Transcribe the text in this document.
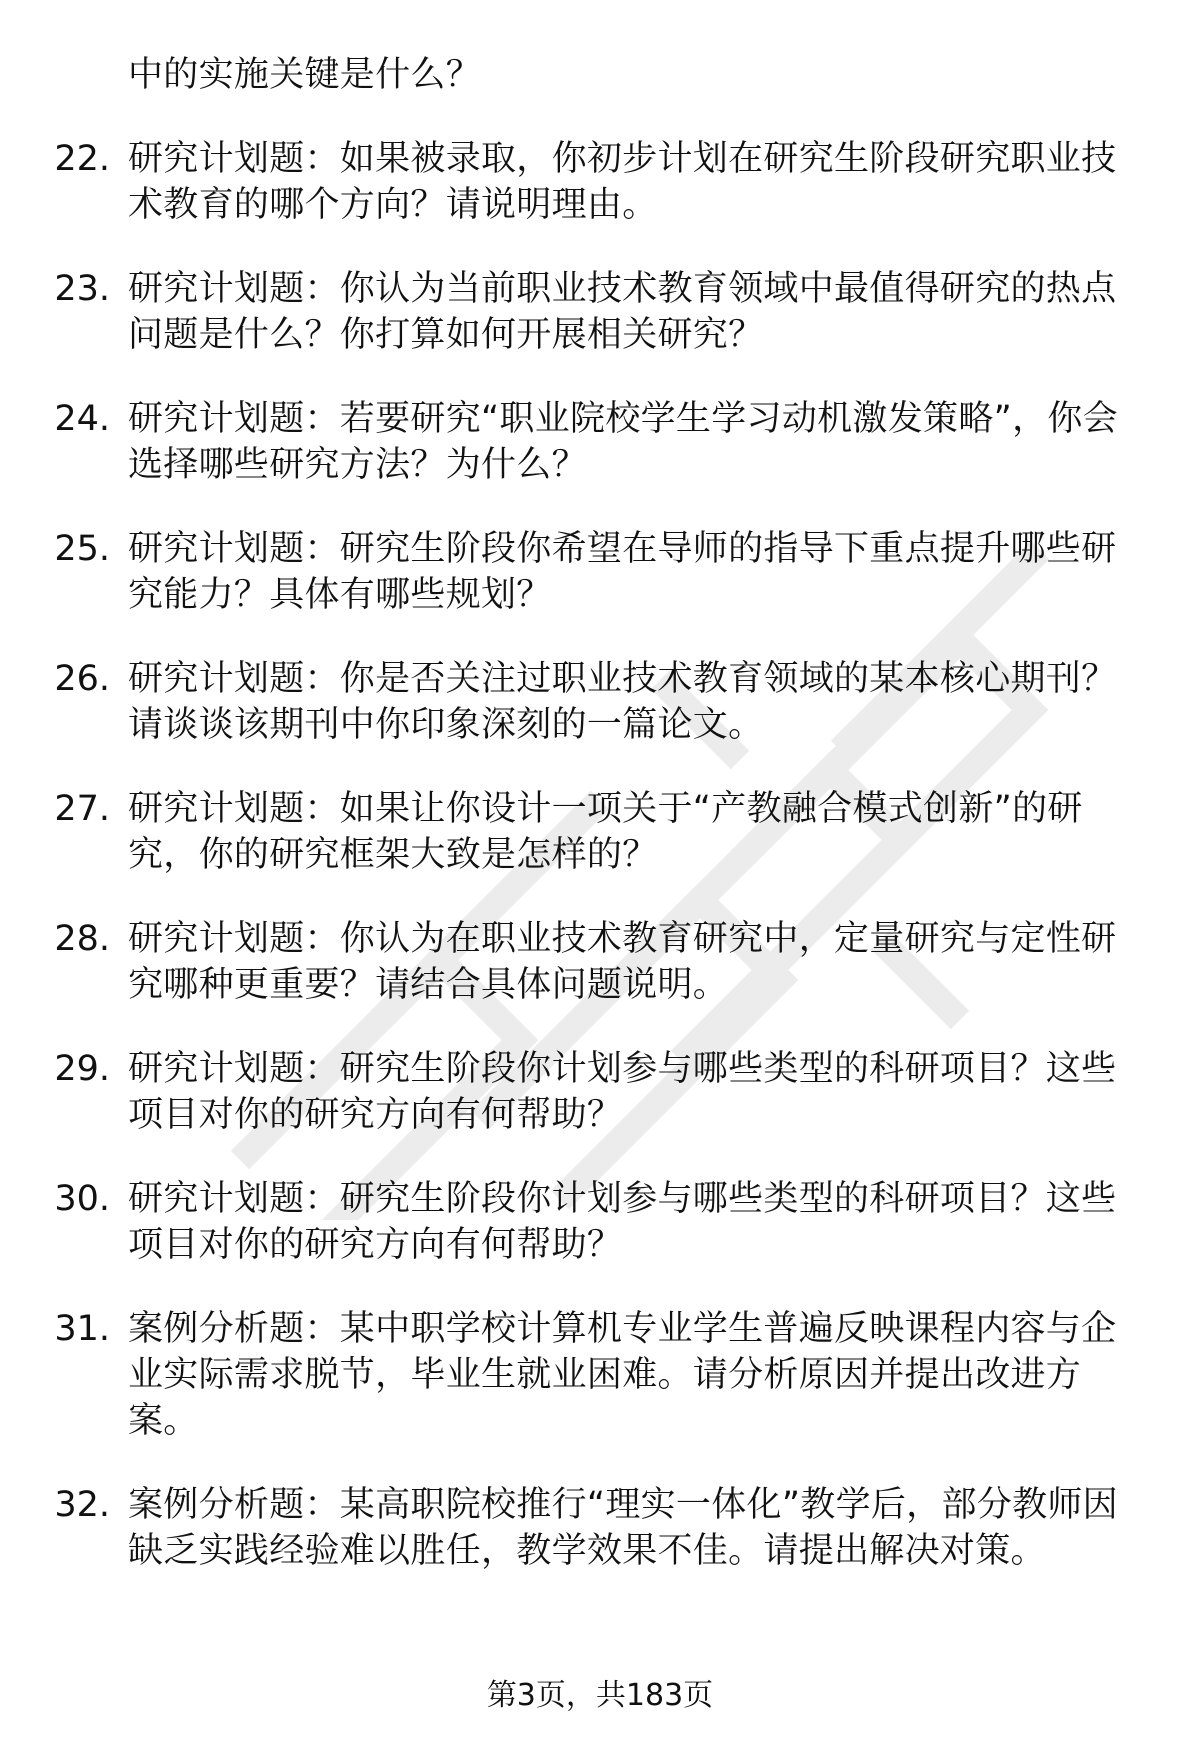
中的实施关键是什么？
22. 研究计划题：如果被录取，你初步计划在研究生阶段研究职业技术教育的哪个方向？请说明理由。
23. 研究计划题：你认为当前职业技术教育领域中最值得研究的热点问题是什么？你打算如何开展相关研究？
24. 研究计划题：若要研究“职业院校学生学习动机激发策略”，你会选择哪些研究方法？为什么？
25. 研究计划题：研究生阶段你希望在导师的指导下重点提升哪些研究能力？具体有哪些规划？
26. 研究计划题：你是否关注过职业技术教育领域的某本核心期刊？请谈谈该期刊中你印象深刻的一篇论文。
27. 研究计划题：如果让你设计一项关于“产教融合模式创新”的研究，你的研究框架大致是怎样的？
28. 研究计划题：你认为在职业技术教育研究中，定量研究与定性研究哪种更重要？请结合具体问题说明。
29. 研究计划题：研究生阶段你计划参与哪些类型的科研项目？这些项目对你的研究方向有何帮助？
30. 研究计划题：研究生阶段你计划参与哪些类型的科研项目？这些项目对你的研究方向有何帮助？
31. 案例分析题：某中职学校计算机专业学生普遍反映课程内容与企业实际需求脱节，毕业生就业困难。请分析原因并提出改进方案。
32. 案例分析题：某高职院校推行“理实一体化”教学后，部分教师因缺乏实践经验难以胜任，教学效果不佳。请提出解决对策。
第3页，共183页
